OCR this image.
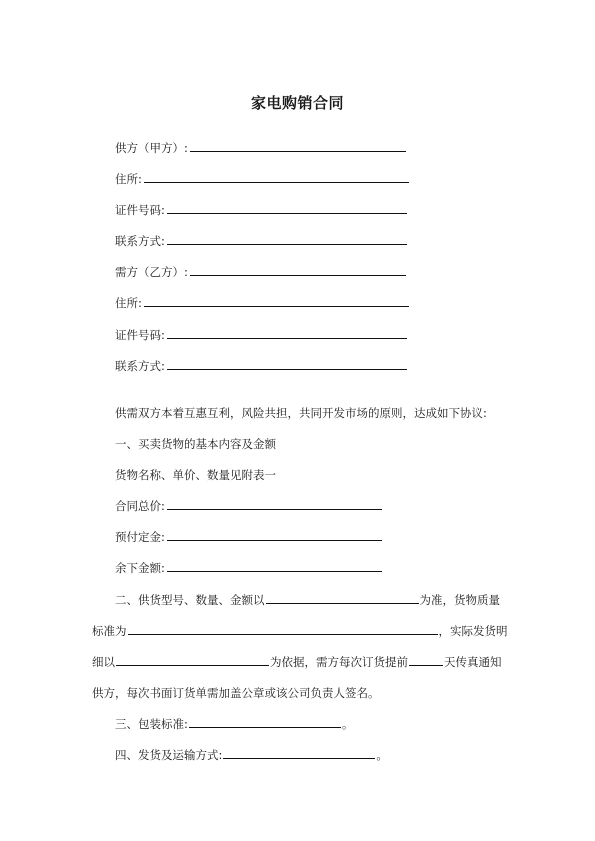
家电购销合同
供方（甲方）:
住所:
证件号码:
联系方式:
需方（乙方）:
住所:
证件号码:
联系方式:
供需双方本着互惠互利，风险共担，共同开发市场的原则，达成如下协议:
一、买卖货物的基本内容及金额
货物名称、单价、数量见附表一
合同总价:
预付定金:
余下金额:
二、供货型号、数量、金额以	为准，货物质量
标准为	，实际发货明
细以	为依据，需方每次订货提前	天传真通知
供方，每次书面订货单需加盖公章或该公司负责人签名。
三、包装标准:	。
四、发货及运输方式:	。
